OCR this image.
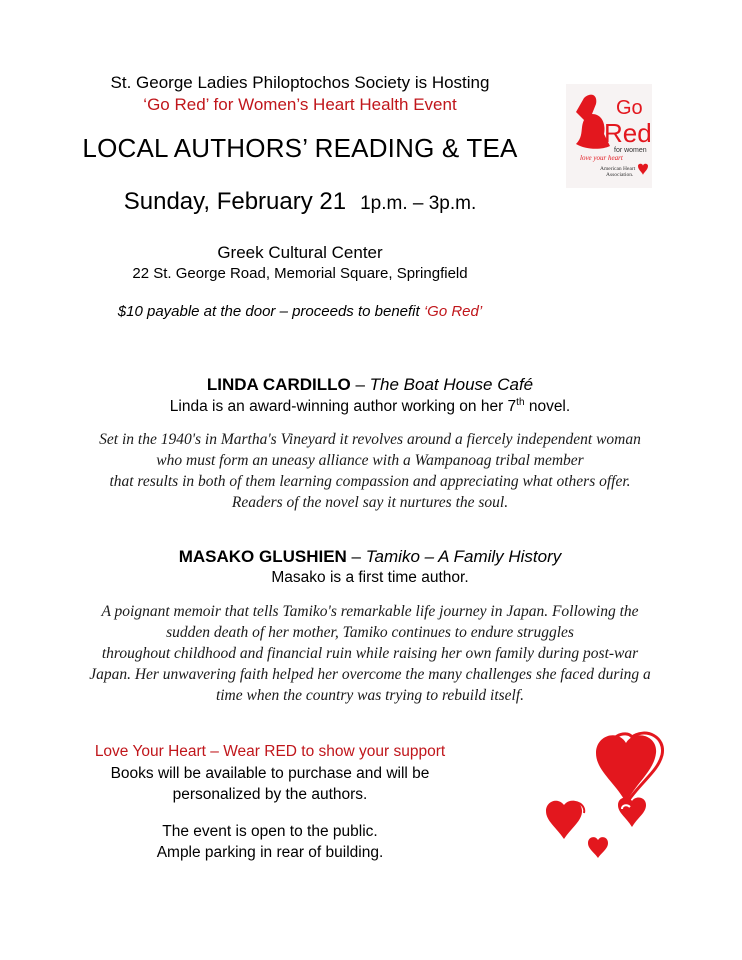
St. George Ladies Philoptochos Society is Hosting
‘Go Red’ for Women’s Heart Health Event
LOCAL AUTHORS’ READING & TEA
Sunday, February 21 1p.m. – 3p.m.
Greek Cultural Center
22 St. George Road, Memorial Square, Springfield
$10 payable at the door – proceeds to benefit ‘Go Red’
Go
Red
for women
love your heart
American Heart
Association.
LINDA CARDILLO – The Boat House Café
Linda is an award-winning author working on her 7th novel.
Set in the 1940's in Martha's Vineyard it revolves around a fiercely independent woman
who must form an uneasy alliance with a Wampanoag tribal member
that results in both of them learning compassion and appreciating what others offer.
Readers of the novel say it nurtures the soul.
MASAKO GLUSHIEN – Tamiko – A Family History
Masako is a first time author.
A poignant memoir that tells Tamiko's remarkable life journey in Japan. Following the
sudden death of her mother, Tamiko continues to endure struggles
throughout childhood and financial ruin while raising her own family during post-war
Japan. Her unwavering faith helped her overcome the many challenges she faced during a
time when the country was trying to rebuild itself.
Love Your Heart – Wear RED to show your support
Books will be available to purchase and will be
personalized by the authors.
The event is open to the public.
Ample parking in rear of building.
